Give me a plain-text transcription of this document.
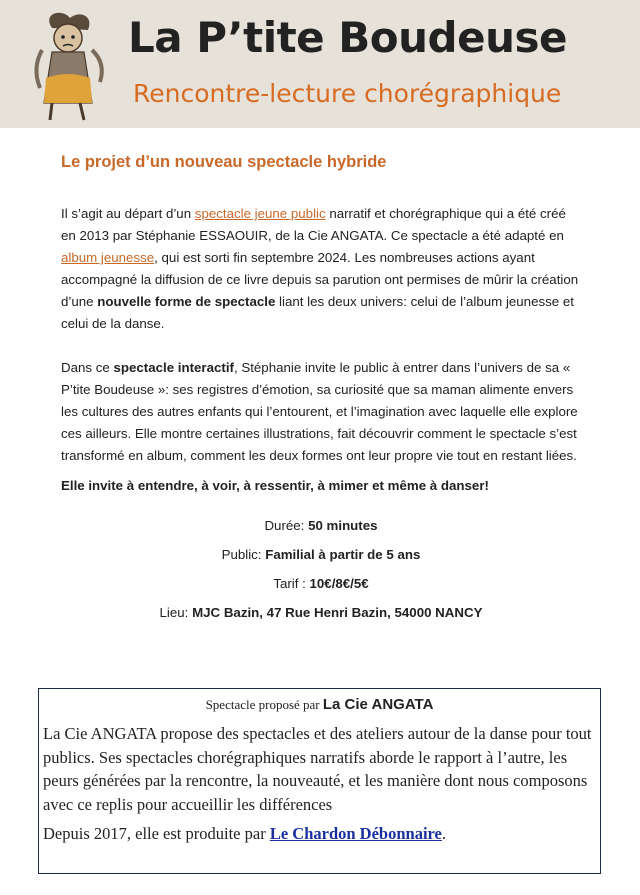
La P’tite Boudeuse
Rencontre-lecture chorégraphique
Le projet d’un nouveau spectacle hybride

Il s’agit au départ d’un spectacle jeune public narratif et chorégraphique qui a été créé en 2013 par Stéphanie ESSAOUIR, de la Cie ANGATA. Ce spectacle a été adapté en album jeunesse, qui est sorti fin septembre 2024. Les nombreuses actions ayant accompagné la diffusion de ce livre depuis sa parution ont permises de mûrir la création d’une nouvelle forme de spectacle liant les deux univers: celui de l’album jeunesse et celui de la danse.

Dans ce spectacle interactif, Stéphanie invite le public à entrer dans l’univers de sa « P’tite Boudeuse »: ses registres d’émotion, sa curiosité que sa maman alimente envers les cultures des autres enfants qui l’entourent, et l’imagination avec laquelle elle explore ces ailleurs. Elle montre certaines illustrations, fait découvrir comment le spectacle s’est transformé en album, comment les deux formes ont leur propre vie tout en restant liées.

Elle invite à entendre, à voir, à ressentir, à mimer et même à danser!
Durée: 50 minutes
Public: Familial à partir de 5 ans
Tarif : 10€/8€/5€
Lieu: MJC Bazin, 47 Rue Henri Bazin, 54000 NANCY
Spectacle proposé par La Cie ANGATA

La Cie ANGATA propose des spectacles et des ateliers autour de la danse pour tout publics. Ses spectacles chorégraphiques narratifs aborde le rapport à l’autre, les peurs générées par la rencontre, la nouveauté, et les manière dont nous composons avec ce replis pour accueillir les différences

Depuis 2017, elle est produite par Le Chardon Débonnaire.
